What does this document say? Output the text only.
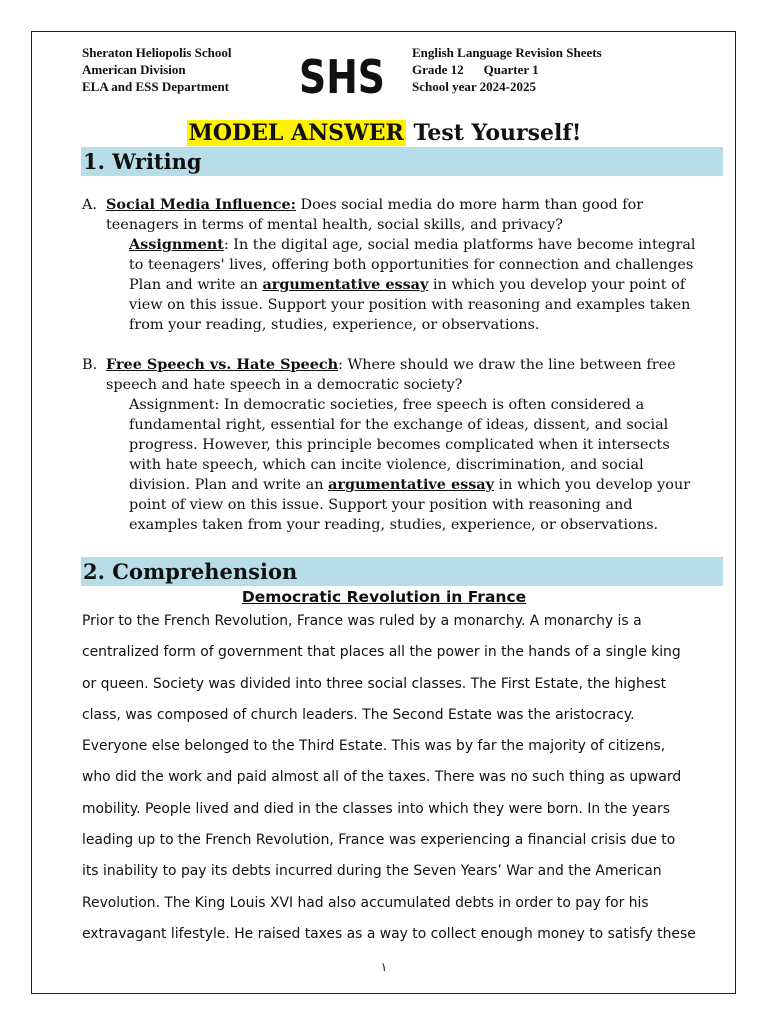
Sheraton Heliopolis School
American Division
ELA and ESS Department SHS English Language Revision Sheets
Grade 12 Quarter 1
School year 2024-2025
MODEL ANSWER Test Yourself!
1. Writing
A. Social Media Influence: Does social media do more harm than good for
teenagers in terms of mental health, social skills, and privacy?
Assignment: In the digital age, social media platforms have become integral
to teenagers' lives, offering both opportunities for connection and challenges
Plan and write an argumentative essay in which you develop your point of
view on this issue. Support your position with reasoning and examples taken
from your reading, studies, experience, or observations.
B. Free Speech vs. Hate Speech: Where should we draw the line between free
speech and hate speech in a democratic society?
Assignment: In democratic societies, free speech is often considered a
fundamental right, essential for the exchange of ideas, dissent, and social
progress. However, this principle becomes complicated when it intersects
with hate speech, which can incite violence, discrimination, and social
division. Plan and write an argumentative essay in which you develop your
point of view on this issue. Support your position with reasoning and
examples taken from your reading, studies, experience, or observations.
2. Comprehension
Democratic Revolution in France
Prior to the French Revolution, France was ruled by a monarchy. A monarchy is a
centralized form of government that places all the power in the hands of a single king
or queen. Society was divided into three social classes. The First Estate, the highest
class, was composed of church leaders. The Second Estate was the aristocracy.
Everyone else belonged to the Third Estate. This was by far the majority of citizens,
who did the work and paid almost all of the taxes. There was no such thing as upward
mobility. People lived and died in the classes into which they were born. In the years
leading up to the French Revolution, France was experiencing a financial crisis due to
its inability to pay its debts incurred during the Seven Years’ War and the American
Revolution. The King Louis XVI had also accumulated debts in order to pay for his
extravagant lifestyle. He raised taxes as a way to collect enough money to satisfy these
١
